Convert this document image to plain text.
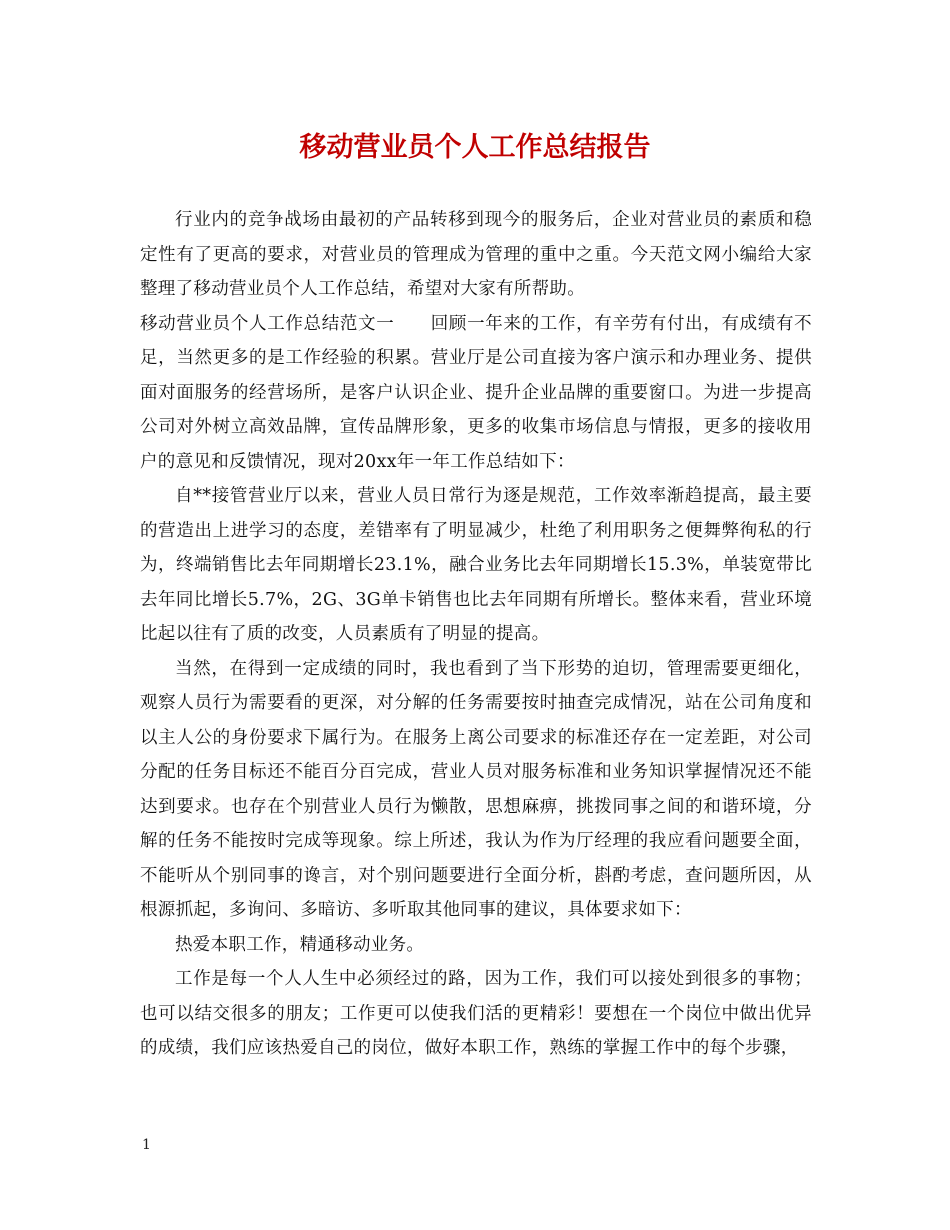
移动营业员个人工作总结报告

行业内的竞争战场由最初的产品转移到现今的服务后，企业对营业员的素质和稳定性有了更高的要求，对营业员的管理成为管理的重中之重。今天范文网小编给大家整理了移动营业员个人工作总结，希望对大家有所帮助。

移动营业员个人工作总结范文一　　回顾一年来的工作，有辛劳有付出，有成绩有不足，当然更多的是工作经验的积累。营业厅是公司直接为客户演示和办理业务、提供面对面服务的经营场所，是客户认识企业、提升企业品牌的重要窗口。为进一步提高公司对外树立高效品牌，宣传品牌形象，更多的收集市场信息与情报，更多的接收用户的意见和反馈情况，现对20xx年一年工作总结如下：

自**接管营业厅以来，营业人员日常行为逐是规范，工作效率渐趋提高，最主要的营造出上进学习的态度，差错率有了明显减少，杜绝了利用职务之便舞弊徇私的行为，终端销售比去年同期增长23.1%，融合业务比去年同期增长15.3%，单装宽带比去年同比增长5.7%，2G、3G单卡销售也比去年同期有所增长。整体来看，营业环境比起以往有了质的改变，人员素质有了明显的提高。

当然，在得到一定成绩的同时，我也看到了当下形势的迫切，管理需要更细化，观察人员行为需要看的更深，对分解的任务需要按时抽查完成情况，站在公司角度和以主人公的身份要求下属行为。在服务上离公司要求的标准还存在一定差距，对公司分配的任务目标还不能百分百完成，营业人员对服务标准和业务知识掌握情况还不能达到要求。也存在个别营业人员行为懒散，思想麻痹，挑拨同事之间的和谐环境，分解的任务不能按时完成等现象。综上所述，我认为作为厅经理的我应看问题要全面，不能听从个别同事的谗言，对个别问题要进行全面分析，斟酌考虑，查问题所因，从根源抓起，多询问、多暗访、多听取其他同事的建议，具体要求如下：

热爱本职工作，精通移动业务。

工作是每一个人人生中必须经过的路，因为工作，我们可以接处到很多的事物；也可以结交很多的朋友；工作更可以使我们活的更精彩！要想在一个岗位中做出优异的成绩，我们应该热爱自己的岗位，做好本职工作，熟练的掌握工作中的每个步骤，

1
